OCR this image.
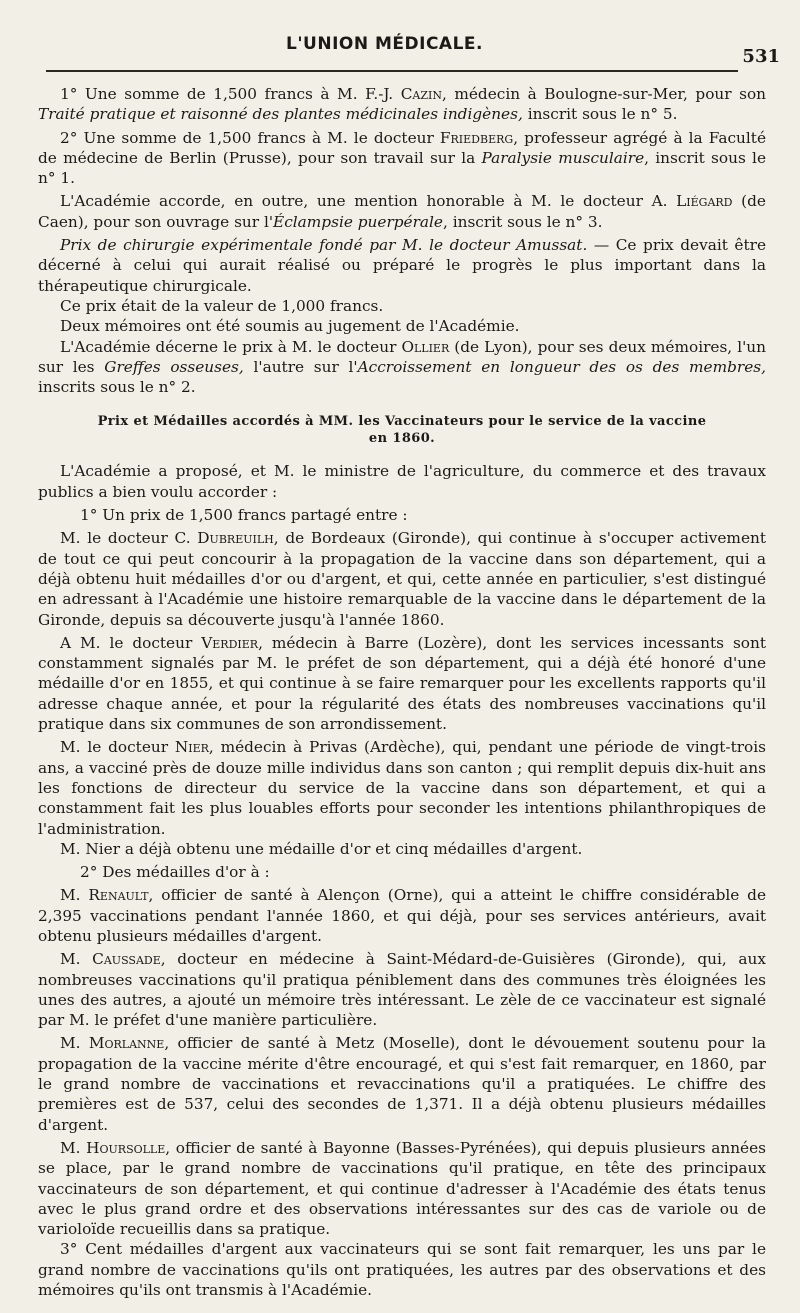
L'UNION MÉDICALE.
531

1° Une somme de 1,500 francs à M. F.-J. Cazin, médecin à Boulogne-sur-Mer, pour son Traité pratique et raisonné des plantes médicinales indigènes, inscrit sous le n° 5.

2° Une somme de 1,500 francs à M. le docteur Friedberg, professeur agrégé à la Faculté de médecine de Berlin (Prusse), pour son travail sur la Paralysie musculaire, inscrit sous le n° 1.

L'Académie accorde, en outre, une mention honorable à M. le docteur A. Liégard (de Caen), pour son ouvrage sur l'Éclampsie puerpérale, inscrit sous le n° 3.

Prix de chirurgie expérimentale fondé par M. le docteur Amussat. — Ce prix devait être décerné à celui qui aurait réalisé ou préparé le progrès le plus important dans la thérapeutique chirurgicale.

Ce prix était de la valeur de 1,000 francs.

Deux mémoires ont été soumis au jugement de l'Académie.

L'Académie décerne le prix à M. le docteur Ollier (de Lyon), pour ses deux mémoires, l'un sur les Greffes osseuses, l'autre sur l'Accroissement en longueur des os des membres, inscrits sous le n° 2.

Prix et Médailles accordés à MM. les Vaccinateurs pour le service de la vaccine
en 1860.

L'Académie a proposé, et M. le ministre de l'agriculture, du commerce et des travaux publics a bien voulu accorder :

1° Un prix de 1,500 francs partagé entre :

M. le docteur C. Dubreuilh, de Bordeaux (Gironde), qui continue à s'occuper activement de tout ce qui peut concourir à la propagation de la vaccine dans son département, qui a déjà obtenu huit médailles d'or ou d'argent, et qui, cette année en particulier, s'est distingué en adressant à l'Académie une histoire remarquable de la vaccine dans le département de la Gironde, depuis sa découverte jusqu'à l'année 1860.

A M. le docteur Verdier, médecin à Barre (Lozère), dont les services incessants sont constamment signalés par M. le préfet de son département, qui a déjà été honoré d'une médaille d'or en 1855, et qui continue à se faire remarquer pour les excellents rapports qu'il adresse chaque année, et pour la régularité des états des nombreuses vaccinations qu'il pratique dans six communes de son arrondissement.

M. le docteur Nier, médecin à Privas (Ardèche), qui, pendant une période de vingt-trois ans, a vacciné près de douze mille individus dans son canton ; qui remplit depuis dix-huit ans les fonctions de directeur du service de la vaccine dans son département, et qui a constamment fait les plus louables efforts pour seconder les intentions philanthropiques de l'administration.

M. Nier a déjà obtenu une médaille d'or et cinq médailles d'argent.

2° Des médailles d'or à :

M. Renault, officier de santé à Alençon (Orne), qui a atteint le chiffre considérable de 2,395 vaccinations pendant l'année 1860, et qui déjà, pour ses services antérieurs, avait obtenu plusieurs médailles d'argent.

M. Caussade, docteur en médecine à Saint-Médard-de-Guisières (Gironde), qui, aux nombreuses vaccinations qu'il pratiqua péniblement dans des communes très éloignées les unes des autres, a ajouté un mémoire très intéressant. Le zèle de ce vaccinateur est signalé par M. le préfet d'une manière particulière.

M. Morlanne, officier de santé à Metz (Moselle), dont le dévouement soutenu pour la propagation de la vaccine mérite d'être encouragé, et qui s'est fait remarquer, en 1860, par le grand nombre de vaccinations et revaccinations qu'il a pratiquées. Le chiffre des premières est de 537, celui des secondes de 1,371. Il a déjà obtenu plusieurs médailles d'argent.

M. Hoursolle, officier de santé à Bayonne (Basses-Pyrénées), qui depuis plusieurs années se place, par le grand nombre de vaccinations qu'il pratique, en tête des principaux vaccinateurs de son département, et qui continue d'adresser à l'Académie des états tenus avec le plus grand ordre et des observations intéressantes sur des cas de variole ou de varioloïde recueillis dans sa pratique.

3° Cent médailles d'argent aux vaccinateurs qui se sont fait remarquer, les uns par le grand nombre de vaccinations qu'ils ont pratiquées, les autres par des observations et des mémoires qu'ils ont transmis à l'Académie.
